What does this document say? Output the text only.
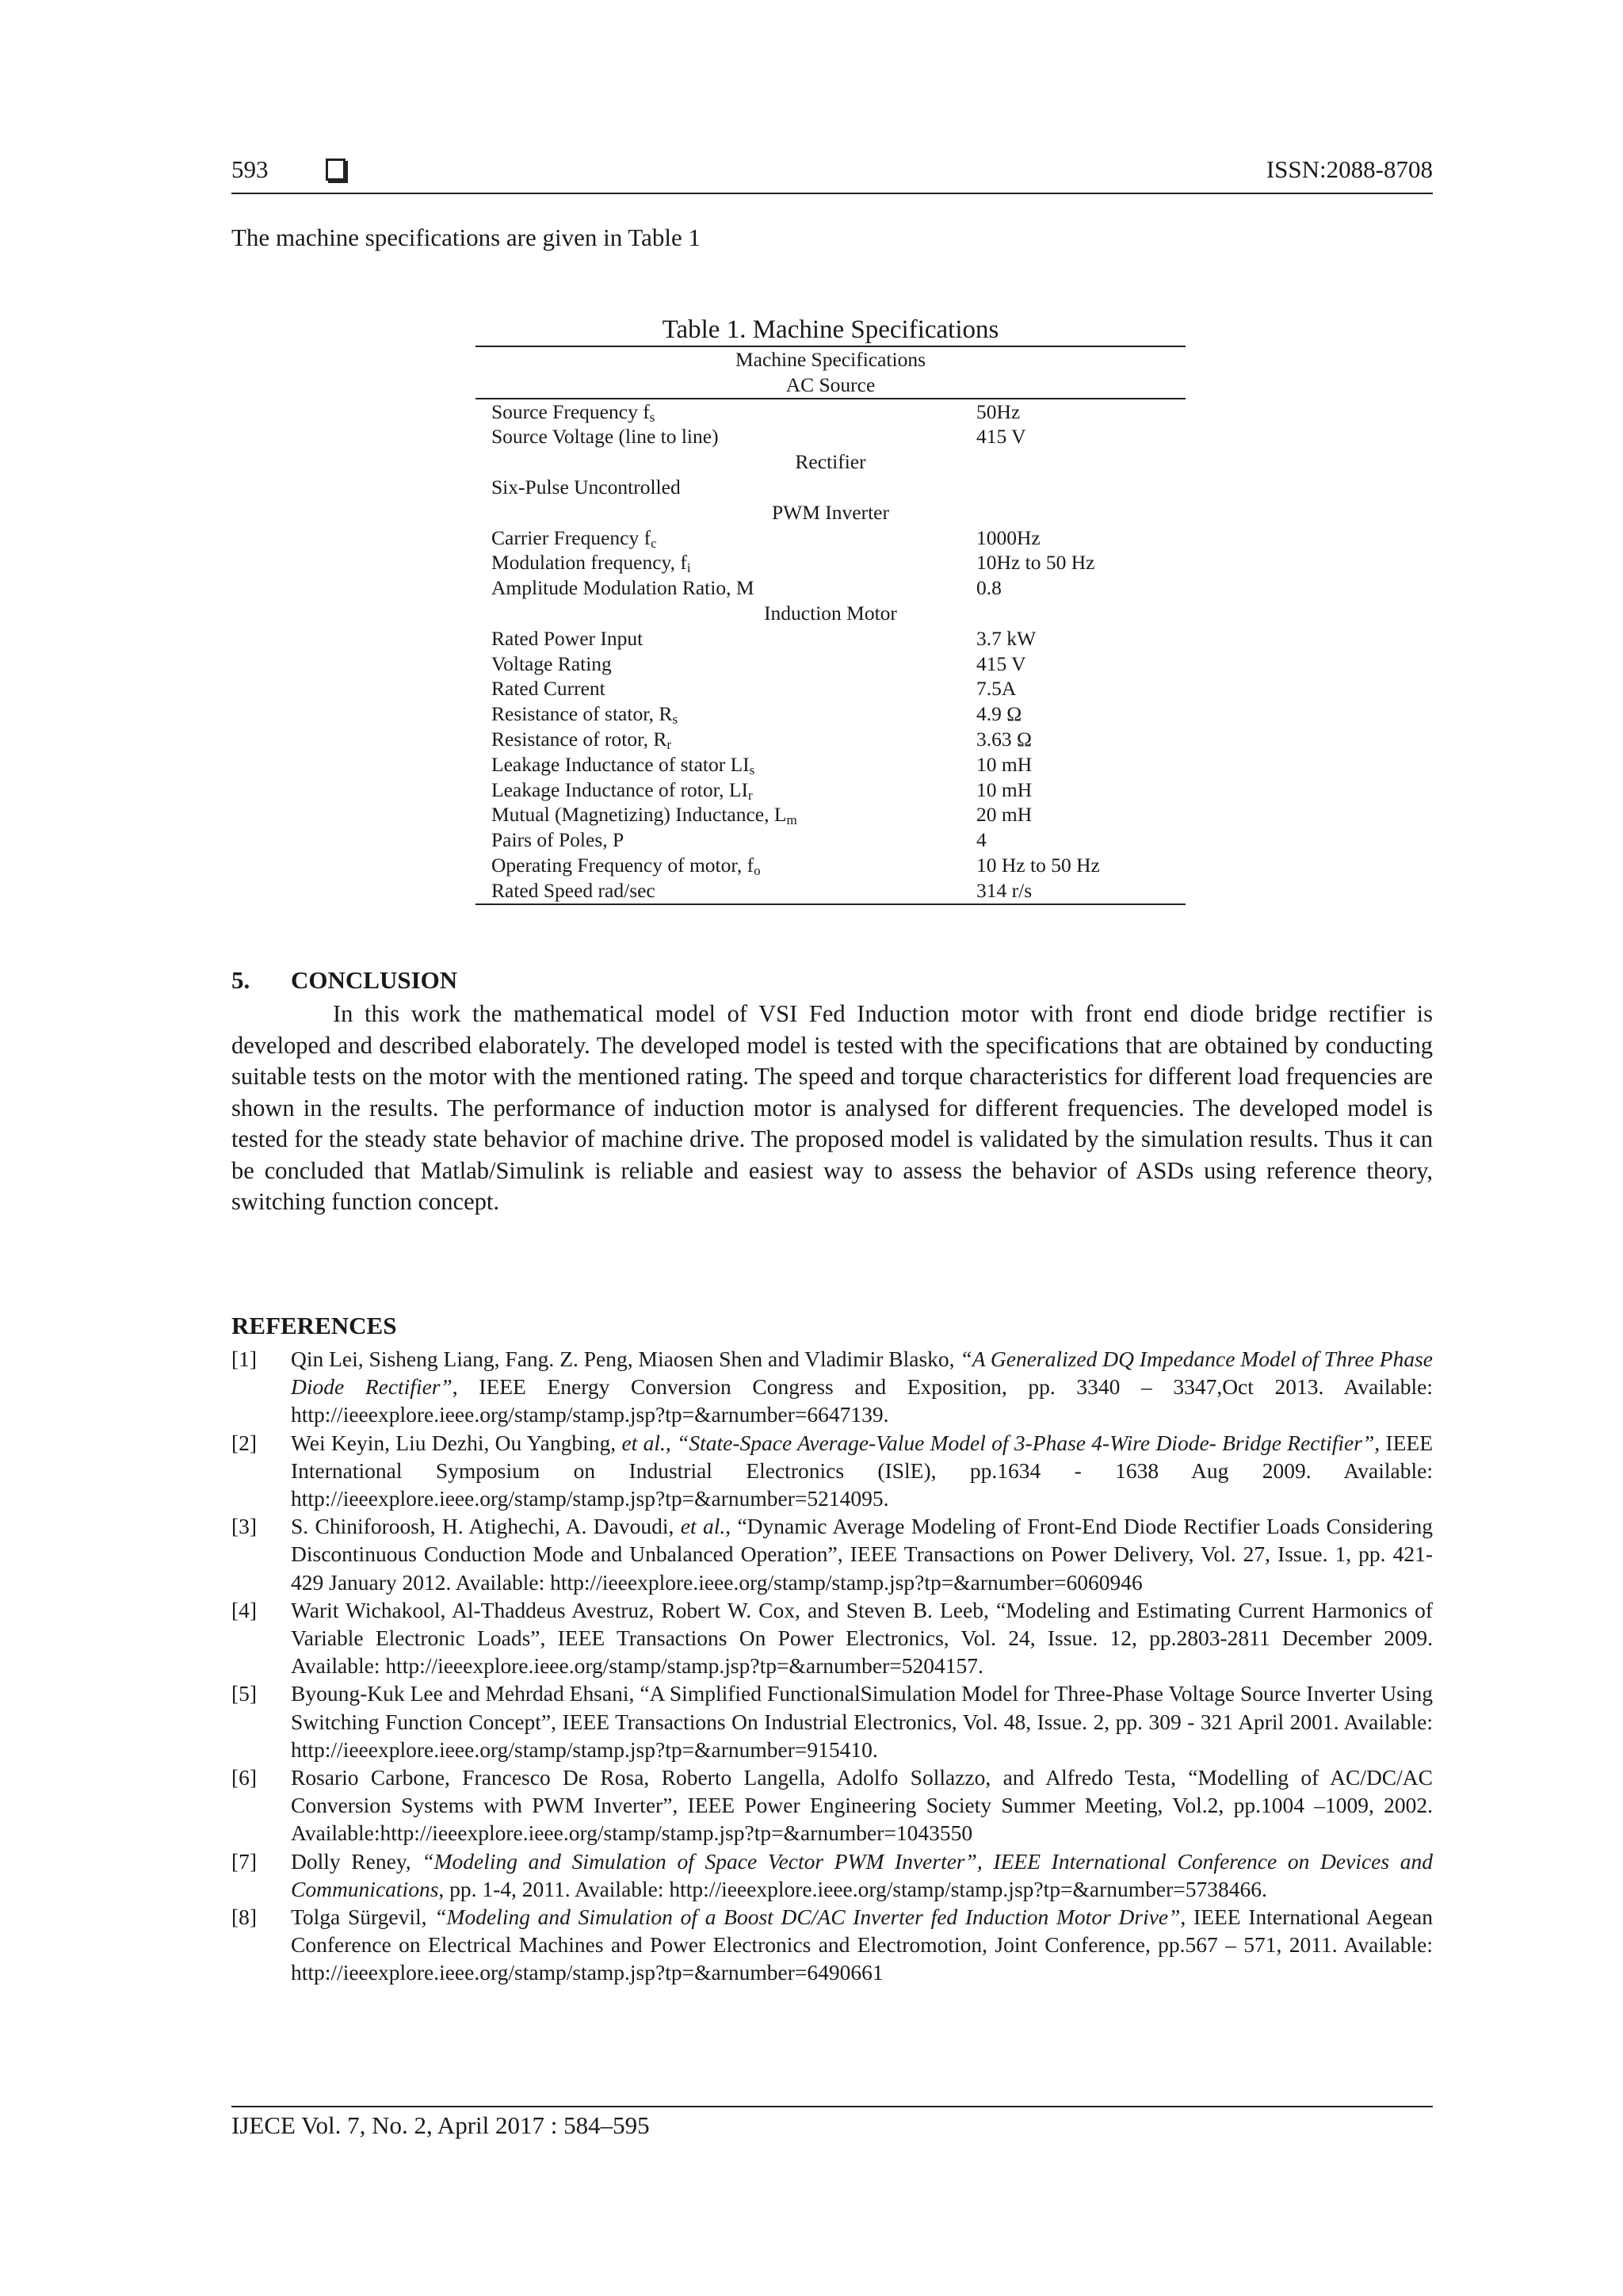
593	ISSN:2088-8708
The machine specifications are given in Table 1
Table 1. Machine Specifications
Machine Specifications
AC Source
Source Frequency $f_s$	50Hz
Source Voltage (line to line)	415 V
Rectifier
Six-Pulse Uncontrolled
PWM Inverter
Carrier Frequency $f_c$	1000Hz
Modulation frequency, $f_i$	10Hz to 50 Hz
Amplitude Modulation Ratio, M	0.8
Induction Motor
Rated Power Input	3.7 kW
Voltage Rating	415 V
Rated Current	7.5A
Resistance of stator, $R_s$	4.9 Ω
Resistance of rotor, $R_r$	3.63 Ω
Leakage Inductance of stator $LI_s$	10 mH
Leakage Inductance of rotor, $LI_r$	10 mH
Mutual (Magnetizing) Inductance, $L_m$	20 mH
Pairs of Poles, P	4
Operating Frequency of motor, $f_o$	10 Hz to 50 Hz
Rated Speed rad/sec	314 r/s
5. CONCLUSION

In this work the mathematical model of VSI Fed Induction motor with front end diode bridge rectifier is developed and described elaborately. The developed model is tested with the specifications that are obtained by conducting suitable tests on the motor with the mentioned rating. The speed and torque characteristics for different load frequencies are shown in the results. The performance of induction motor is analysed for different frequencies. The developed model is tested for the steady state behavior of machine drive. The proposed model is validated by the simulation results. Thus it can be concluded that Matlab/Simulink is reliable and easiest way to assess the behavior of ASDs using reference theory, switching function concept.

REFERENCES
[1] Qin Lei, Sisheng Liang, Fang. Z. Peng, Miaosen Shen and Vladimir Blasko, “A Generalized DQ Impedance Model of Three Phase Diode Rectifier”, IEEE Energy Conversion Congress and Exposition, pp. 3340 – 3347,Oct 2013. Available: http://ieeexplore.ieee.org/stamp/stamp.jsp?tp=&arnumber=6647139.
[2] Wei Keyin, Liu Dezhi, Ou Yangbing, et al., “State-Space Average-Value Model of 3-Phase 4-Wire Diode- Bridge Rectifier”, IEEE International Symposium on Industrial Electronics (ISlE), pp.1634 - 1638 Aug 2009. Available: http://ieeexplore.ieee.org/stamp/stamp.jsp?tp=&arnumber=5214095.
[3] S. Chiniforoosh, H. Atighechi, A. Davoudi, et al., “Dynamic Average Modeling of Front-End Diode Rectifier Loads Considering Discontinuous Conduction Mode and Unbalanced Operation”, IEEE Transactions on Power Delivery, Vol. 27, Issue. 1, pp. 421-429 January 2012. Available: http://ieeexplore.ieee.org/stamp/stamp.jsp?tp=&arnumber=6060946
[4] Warit Wichakool, Al-Thaddeus Avestruz, Robert W. Cox, and Steven B. Leeb, “Modeling and Estimating Current Harmonics of Variable Electronic Loads”, IEEE Transactions On Power Electronics, Vol. 24, Issue. 12, pp.2803-2811 December 2009. Available: http://ieeexplore.ieee.org/stamp/stamp.jsp?tp=&arnumber=5204157.
[5] Byoung-Kuk Lee and Mehrdad Ehsani, “A Simplified FunctionalSimulation Model for Three-Phase Voltage Source Inverter Using Switching Function Concept”, IEEE Transactions On Industrial Electronics, Vol. 48, Issue. 2, pp. 309 - 321 April 2001. Available: http://ieeexplore.ieee.org/stamp/stamp.jsp?tp=&arnumber=915410.
[6] Rosario Carbone, Francesco De Rosa, Roberto Langella, Adolfo Sollazzo, and Alfredo Testa, “Modelling of AC/DC/AC Conversion Systems with PWM Inverter”, IEEE Power Engineering Society Summer Meeting, Vol.2, pp.1004 –1009, 2002. Available:http://ieeexplore.ieee.org/stamp/stamp.jsp?tp=&arnumber=1043550
[7] Dolly Reney, “Modeling and Simulation of Space Vector PWM Inverter”, IEEE International Conference on Devices and Communications, pp. 1-4, 2011. Available: http://ieeexplore.ieee.org/stamp/stamp.jsp?tp=&arnumber=5738466.
[8] Tolga Sürgevil, “Modeling and Simulation of a Boost DC/AC Inverter fed Induction Motor Drive”, IEEE International Aegean Conference on Electrical Machines and Power Electronics and Electromotion, Joint Conference, pp.567 – 571, 2011. Available: http://ieeexplore.ieee.org/stamp/stamp.jsp?tp=&arnumber=6490661
IJECE Vol. 7, No. 2, April 2017 : 584–595
